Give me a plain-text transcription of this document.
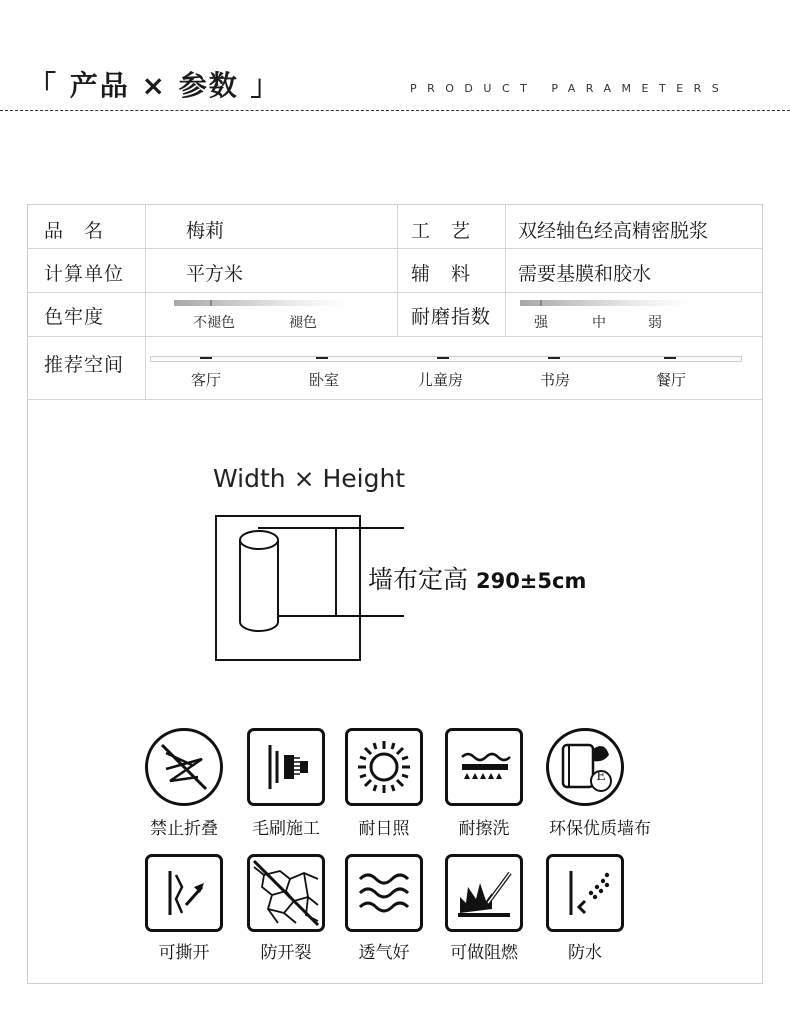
「 产品 × 参数 」	PRODUCT PARAMETERS
品　名	梅莉	工　艺 双经轴色经高精密脱浆
计算单位	平方米	辅　料 需要基膜和胶水
色牢度	不褪色	褪色	耐磨指数	强	中	弱
推荐空间
客厅	卧室	儿童房	书房	餐厅
Width × Height
墙布定高 290±5cm
E
禁止折叠	毛刷施工	耐日照	耐擦洗	环保优质墙布
可撕开	防开裂	透气好	可做阻燃	防水
